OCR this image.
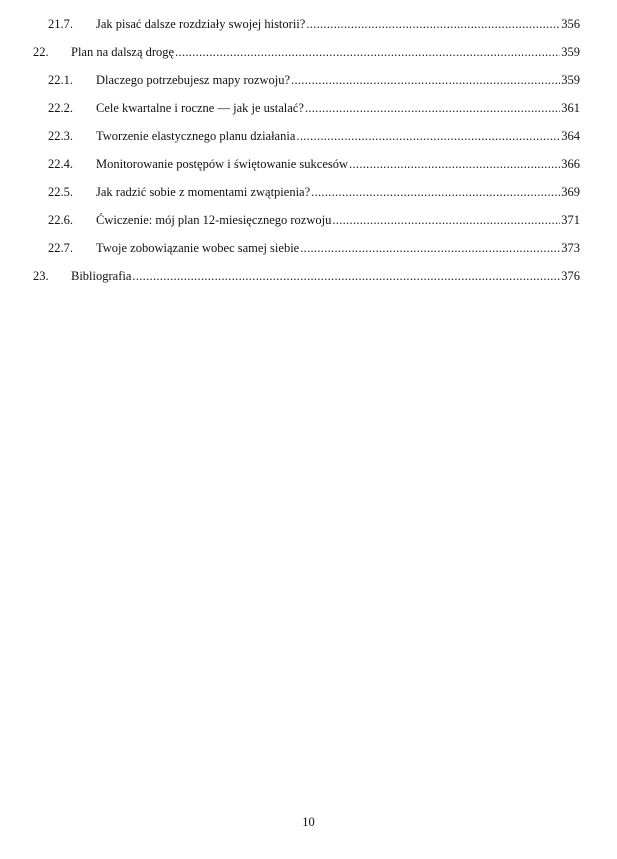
21.7. Jak pisać dalsze rozdziały swojej historii? .....	356
22. Plan na dalszą drogę .....	359
22.1. Dlaczego potrzebujesz mapy rozwoju? .....	359
22.2. Cele kwartalne i roczne — jak je ustalać? .....	361
22.3. Tworzenie elastycznego planu działania .....	364
22.4. Monitorowanie postępów i świętowanie sukcesów .....	366
22.5. Jak radzić sobie z momentami zwątpienia? .....	369
22.6. Ćwiczenie: mój plan 12-miesięcznego rozwoju .....	371
22.7. Twoje zobowiązanie wobec samej siebie .....	373
23. Bibliografia .....	376
10
